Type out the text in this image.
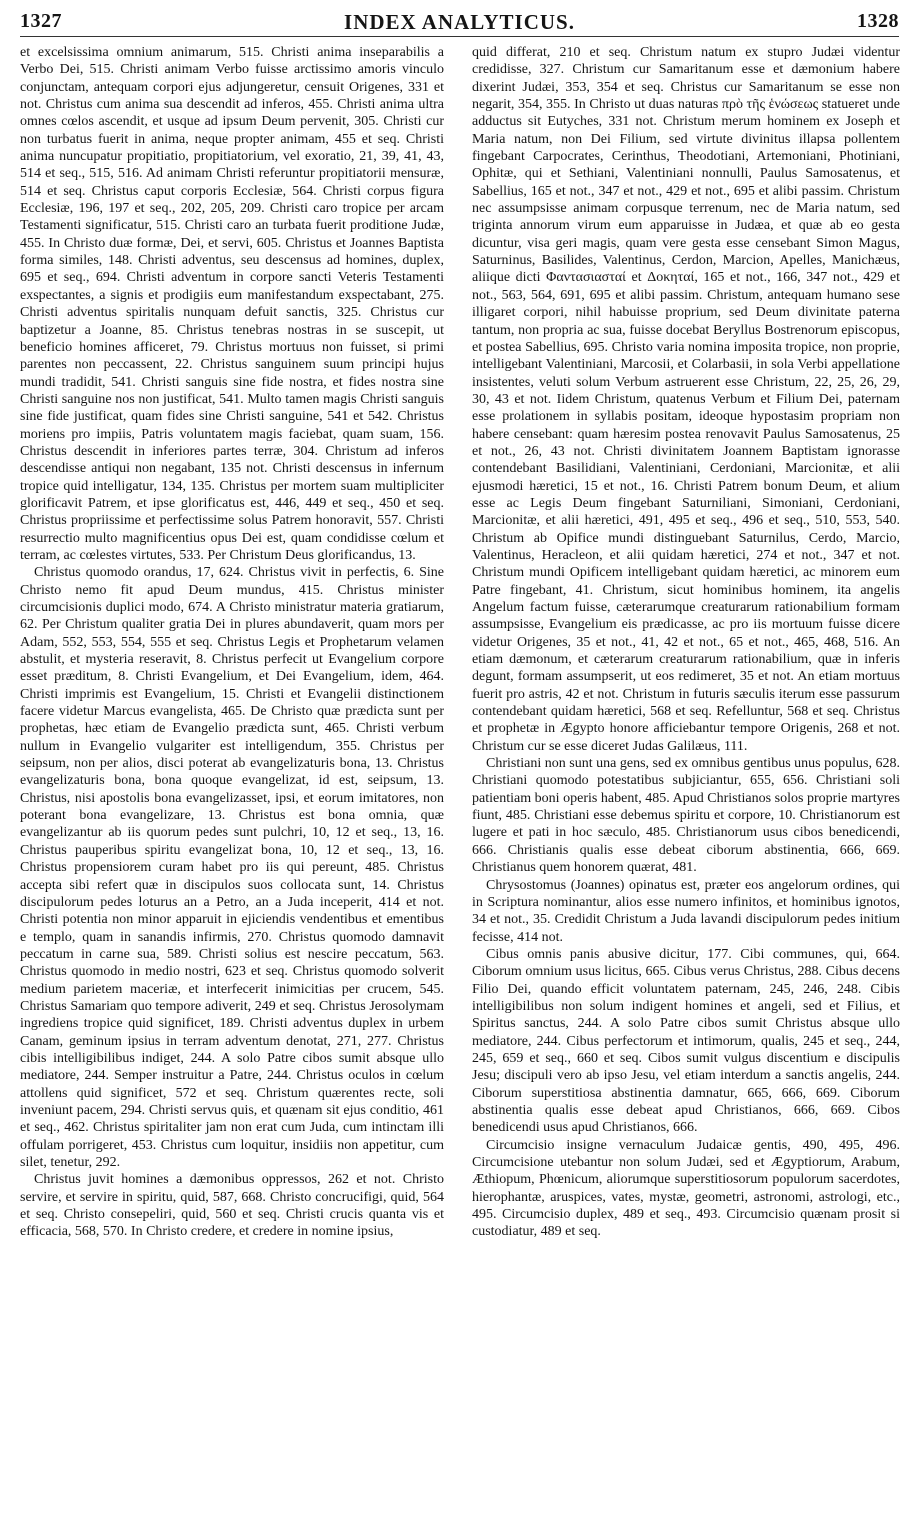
1327	INDEX ANALYTICUS.	1328

et excelsissima omnium animarum, 515. Christi anima inseparabilis a Verbo Dei, 515. Christi animam Verbo fuisse arctissimo amoris vinculo conjunctam, antequam corpori ejus adjungeretur, censuit Origenes, 331 et not. Christus cum anima sua descendit ad inferos, 455. Christi anima ultra omnes cœlos ascendit, et usque ad ipsum Deum pervenit, 305. Christi cur non turbatus fuerit in anima, neque propter animam, 455 et seq. Christi anima nuncupatur propitiatio, propitiatorium, vel exoratio, 21, 39, 41, 43, 514 et seq., 515, 516. Ad animam Christi referuntur propitiatorii mensuræ, 514 et seq. Christus caput corporis Ecclesiæ, 564. Christi corpus figura Ecclesiæ, 196, 197 et seq., 202, 205, 209. Christi caro tropice per arcam Testamenti significatur, 515. Christi caro an turbata fuerit proditione Judæ, 455. In Christo duæ formæ, Dei, et servi, 605. Christus et Joannes Baptista forma similes, 148. Christi adventus, seu descensus ad homines, duplex, 695 et seq., 694. Christi adventum in corpore sancti Veteris Testamenti exspectantes, a signis et prodigiis eum manifestandum exspectabant, 275. Christi adventus spiritalis nunquam defuit sanctis, 325. Christus cur baptizetur a Joanne, 85. Christus tenebras nostras in se suscepit, ut beneficio homines afficeret, 79. Christus mortuus non fuisset, si primi parentes non peccassent, 22. Christus sanguinem suum principi hujus mundi tradidit, 541. Christi sanguis sine fide nostra, et fides nostra sine Christi sanguine nos non justificat, 541. Multo tamen magis Christi sanguis sine fide justificat, quam fides sine Christi sanguine, 541 et 542. Christus moriens pro impiis, Patris voluntatem magis faciebat, quam suam, 156. Christus descendit in inferiores partes terræ, 304. Christum ad inferos descendisse antiqui non negabant, 135 not. Christi descensus in infernum tropice quid intelligatur, 134, 135. Christus per mortem suam multipliciter glorificavit Patrem, et ipse glorificatus est, 446, 449 et seq., 450 et seq. Christus propriissime et perfectissime solus Patrem honoravit, 557. Christi resurrectio multo magnificentius opus Dei est, quam condidisse cœlum et terram, ac cœlestes virtutes, 533. Per Christum Deus glorificandus, 13.

Christus quomodo orandus, 17, 624. Christus vivit in perfectis, 6. Sine Christo nemo fit apud Deum mundus, 415. Christus minister circumcisionis duplici modo, 674. A Christo ministratur materia gratiarum, 62. Per Christum qualiter gratia Dei in plures abundaverit, quam mors per Adam, 552, 553, 554, 555 et seq. Christus Legis et Prophetarum velamen abstulit, et mysteria reseravit, 8. Christus perfecit ut Evangelium corpore esset præditum, 8. Christi Evangelium, et Dei Evangelium, idem, 464. Christi imprimis est Evangelium, 15. Christi et Evangelii distinctionem facere videtur Marcus evangelista, 465. De Christo quæ prædicta sunt per prophetas, hæc etiam de Evangelio prædicta sunt, 465. Christi verbum nullum in Evangelio vulgariter est intelligendum, 355. Christus per seipsum, non per alios, disci poterat ab evangelizaturis bona, 13. Christus evangelizaturis bona, bona quoque evangelizat, id est, seipsum, 13. Christus, nisi apostolis bona evangelizasset, ipsi, et eorum imitatores, non poterant bona evangelizare, 13. Christus est bona omnia, quæ evangelizantur ab iis quorum pedes sunt pulchri, 10, 12 et seq., 13, 16. Christus pauperibus spiritu evangelizat bona, 10, 12 et seq., 13, 16. Christus propensiorem curam habet pro iis qui pereunt, 485. Christus accepta sibi refert quæ in discipulos suos collocata sunt, 14. Christus discipulorum pedes loturus an a Petro, an a Juda inceperit, 414 et not. Christi potentia non minor apparuit in ejiciendis vendentibus et ementibus e templo, quam in sanandis infirmis, 270. Christus quomodo damnavit peccatum in carne sua, 589. Christi solius est nescire peccatum, 563. Christus quomodo in medio nostri, 623 et seq. Christus quomodo solverit medium parietem maceriæ, et interfecerit inimicitias per crucem, 545. Christus Samariam quo tempore adiverit, 249 et seq. Christus Jerosolymam ingrediens tropice quid significet, 189. Christi adventus duplex in urbem Canam, geminum ipsius in terram adventum denotat, 271, 277. Christus cibis intelligibilibus indiget, 244. A solo Patre cibos sumit absque ullo mediatore, 244. Semper instruitur a Patre, 244. Christus oculos in cœlum attollens quid significet, 572 et seq. Christum quærentes recte, soli inveniunt pacem, 294. Christi servus quis, et quænam sit ejus conditio, 461 et seq., 462. Christus spiritaliter jam non erat cum Juda, cum intinctam illi offulam porrigeret, 453. Christus cum loquitur, insidiis non appetitur, cum silet, tenetur, 292.

Christus juvit homines a dæmonibus oppressos, 262 et not. Christo servire, et servire in spiritu, quid, 587, 668. Christo concrucifigi, quid, 564 et seq. Christo consepeliri, quid, 560 et seq. Christi crucis quanta vis et efficacia, 568, 570. In Christo credere, et credere in nomine ipsius,

quid differat, 210 et seq. Christum natum ex stupro Judæi videntur credidisse, 327. Christum cur Samaritanum esse et dæmonium habere dixerint Judæi, 353, 354 et seq. Christus cur Samaritanum se esse non negarit, 354, 355. In Christo ut duas naturas πρὸ τῆς ἑνώσεως statueret unde adductus sit Eutyches, 331 not. Christum merum hominem ex Joseph et Maria natum, non Dei Filium, sed virtute divinitus illapsa pollentem fingebant Carpocrates, Cerinthus, Theodotiani, Artemoniani, Photiniani, Ophitæ, qui et Sethiani, Valentiniani nonnulli, Paulus Samosatenus, et Sabellius, 165 et not., 347 et not., 429 et not., 695 et alibi passim. Christum nec assumpsisse animam corpusque terrenum, nec de Maria natum, sed triginta annorum virum eum apparuisse in Judæa, et quæ ab eo gesta dicuntur, visa geri magis, quam vere gesta esse censebant Simon Magus, Saturninus, Basilides, Valentinus, Cerdon, Marcion, Apelles, Manichæus, aliique dicti Φαντασιασταί et Δοκηταί, 165 et not., 166, 347 not., 429 et not., 563, 564, 691, 695 et alibi passim. Christum, antequam humano sese illigaret corpori, nihil habuisse proprium, sed Deum divinitate paterna tantum, non propria ac sua, fuisse docebat Beryllus Bostrenorum episcopus, et postea Sabellius, 695. Christo varia nomina imposita tropice, non proprie, intelligebant Valentiniani, Marcosii, et Colarbasii, in sola Verbi appellatione insistentes, veluti solum Verbum astruerent esse Christum, 22, 25, 26, 29, 30, 43 et not. Iidem Christum, quatenus Verbum et Filium Dei, paternam esse prolationem in syllabis positam, ideoque hypostasim propriam non habere censebant: quam hæresim postea renovavit Paulus Samosatenus, 25 et not., 26, 43 not. Christi divinitatem Joannem Baptistam ignorasse contendebant Basilidiani, Valentiniani, Cerdoniani, Marcionitæ, et alii ejusmodi hæretici, 15 et not., 16. Christi Patrem bonum Deum, et alium esse ac Legis Deum fingebant Saturniliani, Simoniani, Cerdoniani, Marcionitæ, et alii hæretici, 491, 495 et seq., 496 et seq., 510, 553, 540. Christum ab Opifice mundi distinguebant Saturnilus, Cerdo, Marcio, Valentinus, Heracleon, et alii quidam hæretici, 274 et not., 347 et not. Christum mundi Opificem intelligebant quidam hæretici, ac minorem eum Patre fingebant, 41. Christum, sicut hominibus hominem, ita angelis Angelum factum fuisse, cæterarumque creaturarum rationabilium formam assumpsisse, Evangelium eis prædicasse, ac pro iis mortuum fuisse dicere videtur Origenes, 35 et not., 41, 42 et not., 65 et not., 465, 468, 516. An etiam dæmonum, et cæterarum creaturarum rationabilium, quæ in inferis degunt, formam assumpserit, ut eos redimeret, 35 et not. An etiam mortuus fuerit pro astris, 42 et not. Christum in futuris sæculis iterum esse passurum contendebant quidam hæretici, 568 et seq. Refelluntur, 568 et seq. Christus et prophetæ in Ægypto honore afficiebantur tempore Origenis, 268 et not. Christum cur se esse diceret Judas Galilæus, 111.

Christiani non sunt una gens, sed ex omnibus gentibus unus populus, 628. Christiani quomodo potestatibus subjiciantur, 655, 656. Christiani soli patientiam boni operis habent, 485. Apud Christianos solos proprie martyres fiunt, 485. Christiani esse debemus spiritu et corpore, 10. Christianorum est lugere et pati in hoc sæculo, 485. Christianorum usus cibos benedicendi, 666. Christianis qualis esse debeat ciborum abstinentia, 666, 669. Christianus quem honorem quærat, 481.

Chrysostomus (Joannes) opinatus est, præter eos angelorum ordines, qui in Scriptura nominantur, alios esse numero infinitos, et hominibus ignotos, 34 et not., 35. Credidit Christum a Juda lavandi discipulorum pedes initium fecisse, 414 not.

Cibus omnis panis abusive dicitur, 177. Cibi communes, qui, 664. Ciborum omnium usus licitus, 665. Cibus verus Christus, 288. Cibus decens Filio Dei, quando efficit voluntatem paternam, 245, 246, 248. Cibis intelligibilibus non solum indigent homines et angeli, sed et Filius, et Spiritus sanctus, 244. A solo Patre cibos sumit Christus absque ullo mediatore, 244. Cibus perfectorum et intimorum, qualis, 245 et seq., 244, 245, 659 et seq., 660 et seq. Cibos sumit vulgus discentium e discipulis Jesu; discipuli vero ab ipso Jesu, vel etiam interdum a sanctis angelis, 244. Ciborum superstitiosa abstinentia damnatur, 665, 666, 669. Ciborum abstinentia qualis esse debeat apud Christianos, 666, 669. Cibos benedicendi usus apud Christianos, 666.

Circumcisio insigne vernaculum Judaicæ gentis, 490, 495, 496. Circumcisione utebantur non solum Judæi, sed et Ægyptiorum, Arabum, Æthiopum, Phœnicum, aliorumque superstitiosorum populorum sacerdotes, hierophantæ, aruspices, vates, mystæ, geometri, astronomi, astrologi, etc., 495. Circumcisio duplex, 489 et seq., 493. Circumcisio quænam prosit si custodiatur, 489 et seq.
